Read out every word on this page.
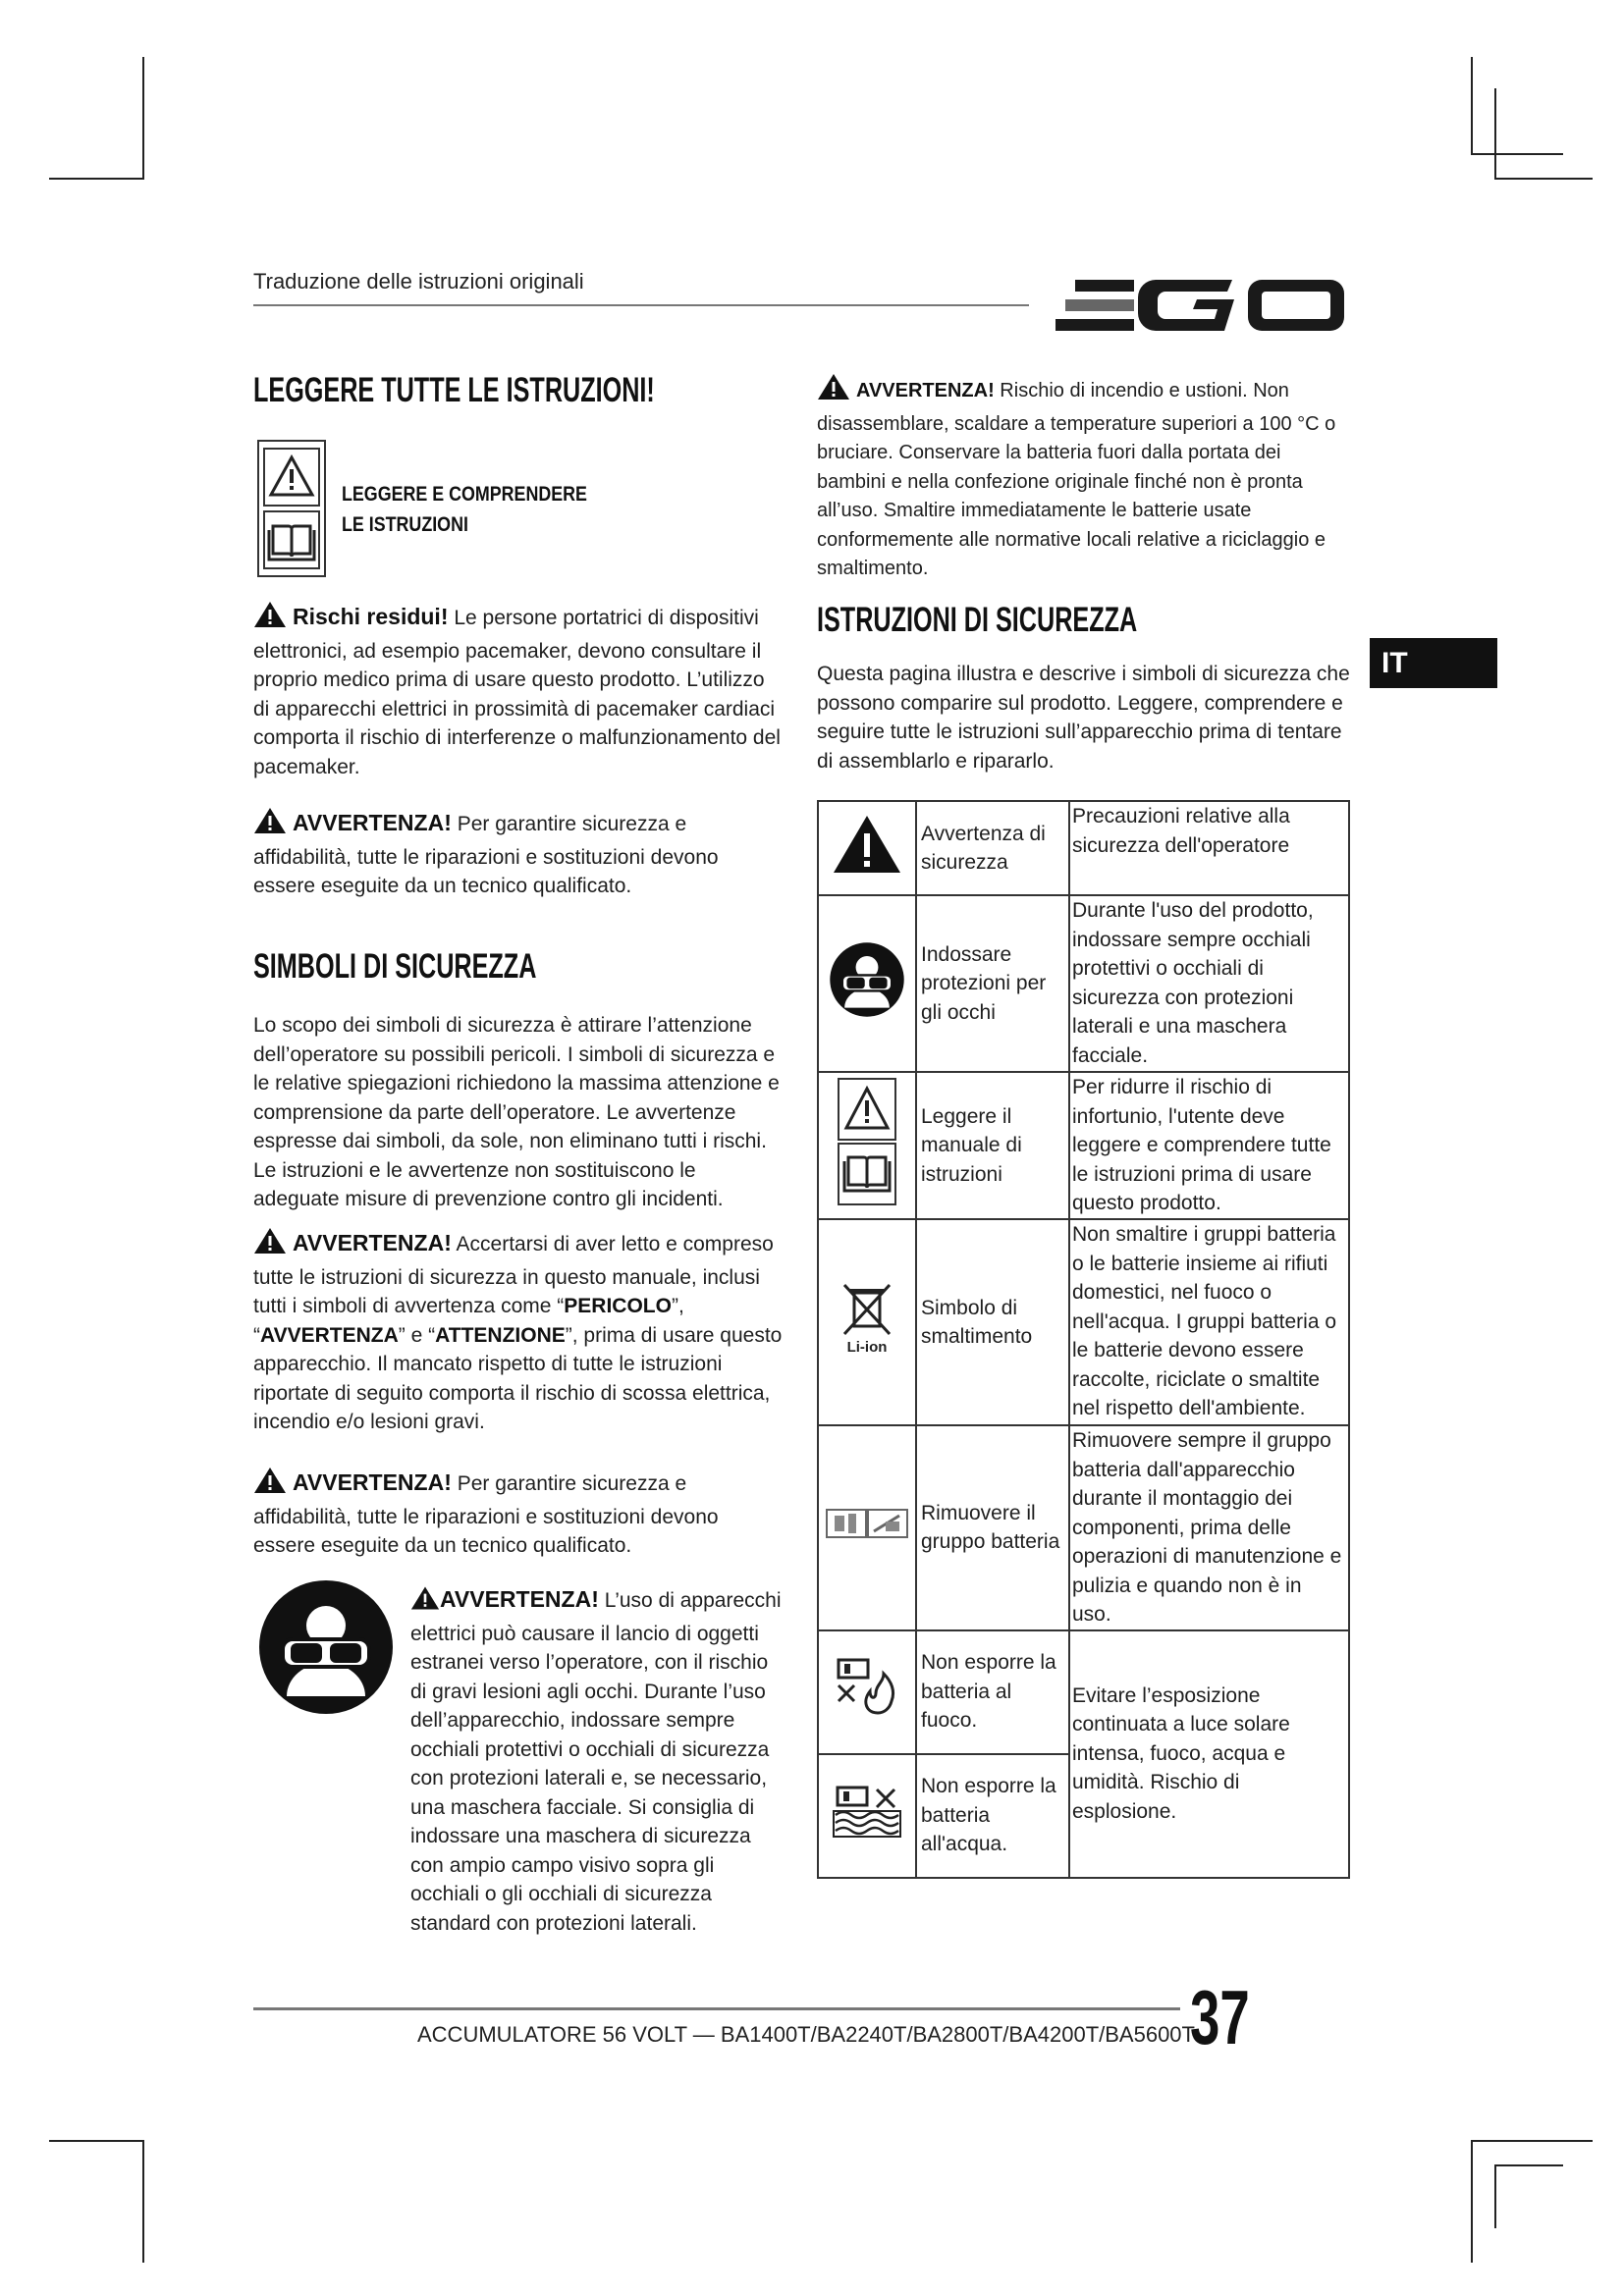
Traduzione delle istruzioni originali
LEGGERE TUTTE LE ISTRUZIONI!
LEGGERE E COMPRENDERE
LE ISTRUZIONI
Rischi residui! Le persone portatrici di dispositivi elettronici, ad esempio pacemaker, devono consultare il proprio medico prima di usare questo prodotto. L’utilizzo di apparecchi elettrici in prossimità di pacemaker cardiaci comporta il rischio di interferenze o malfunzionamento del pacemaker.
AVVERTENZA! Per garantire sicurezza e affidabilità, tutte le riparazioni e sostituzioni devono essere eseguite da un tecnico qualificato.
SIMBOLI DI SICUREZZA
Lo scopo dei simboli di sicurezza è attirare l’attenzione dell’operatore su possibili pericoli. I simboli di sicurezza e le relative spiegazioni richiedono la massima attenzione e comprensione da parte dell’operatore. Le avvertenze espresse dai simboli, da sole, non eliminano tutti i rischi. Le istruzioni e le avvertenze non sostituiscono le adeguate misure di prevenzione contro gli incidenti.
AVVERTENZA! Accertarsi di aver letto e compreso tutte le istruzioni di sicurezza in questo manuale, inclusi tutti i simboli di avvertenza come “PERICOLO”, “AVVERTENZA” e “ATTENZIONE”, prima di usare questo apparecchio. Il mancato rispetto di tutte le istruzioni riportate di seguito comporta il rischio di scossa elettrica, incendio e/o lesioni gravi.
AVVERTENZA! Per garantire sicurezza e affidabilità, tutte le riparazioni e sostituzioni devono essere eseguite da un tecnico qualificato.
AVVERTENZA! L’uso di apparecchi elettrici può causare il lancio di oggetti estranei verso l’operatore, con il rischio di gravi lesioni agli occhi. Durante l’uso dell’apparecchio, indossare sempre occhiali protettivi o occhiali di sicurezza con protezioni laterali e, se necessario, una maschera facciale. Si consiglia di indossare una maschera di sicurezza con ampio campo visivo sopra gli occhiali o gli occhiali di sicurezza standard con protezioni laterali.
AVVERTENZA! Rischio di incendio e ustioni. Non disassemblare, scaldare a temperature superiori a 100 °C o bruciare. Conservare la batteria fuori dalla portata dei bambini e nella confezione originale finché non è pronta all’uso. Smaltire immediatamente le batterie usate conformemente alle normative locali relative a riciclaggio e smaltimento.
ISTRUZIONI DI SICUREZZA
Questa pagina illustra e descrive i simboli di sicurezza che possono comparire sul prodotto. Leggere, comprendere e seguire tutte le istruzioni sull’apparecchio prima di tentare di assemblarlo e ripararlo.
IT
	Avvertenza di sicurezza	Precauzioni relative alla sicurezza dell'operatore
	Indossare protezioni per gli occhi	Durante l'uso del prodotto, indossare sempre occhiali protettivi o occhiali di sicurezza con protezioni laterali e una maschera facciale.
	Leggere il manuale di istruzioni	Per ridurre il rischio di infortunio, l'utente deve leggere e comprendere tutte le istruzioni prima di usare questo prodotto.

Li-ion	Simbolo di smaltimento	Non smaltire i gruppi batteria o le batterie insieme ai rifiuti domestici, nel fuoco o nell'acqua. I gruppi batteria o le batterie devono essere raccolte, riciclate o smaltite nel rispetto dell'ambiente.
	Rimuovere il gruppo batteria	Rimuovere sempre il gruppo batteria dall'apparecchio durante il montaggio dei componenti, prima delle operazioni di manutenzione e pulizia e quando non è in uso.
	Non esporre la batteria al fuoco.	Evitare l’esposizione continuata a luce solare intensa, fuoco, acqua e umidità. Rischio di esplosione.
	Non esporre la batteria all'acqua.	
ACCUMULATORE 56 VOLT — BA1400T/BA2240T/BA2800T/BA4200T/BA5600T
37
